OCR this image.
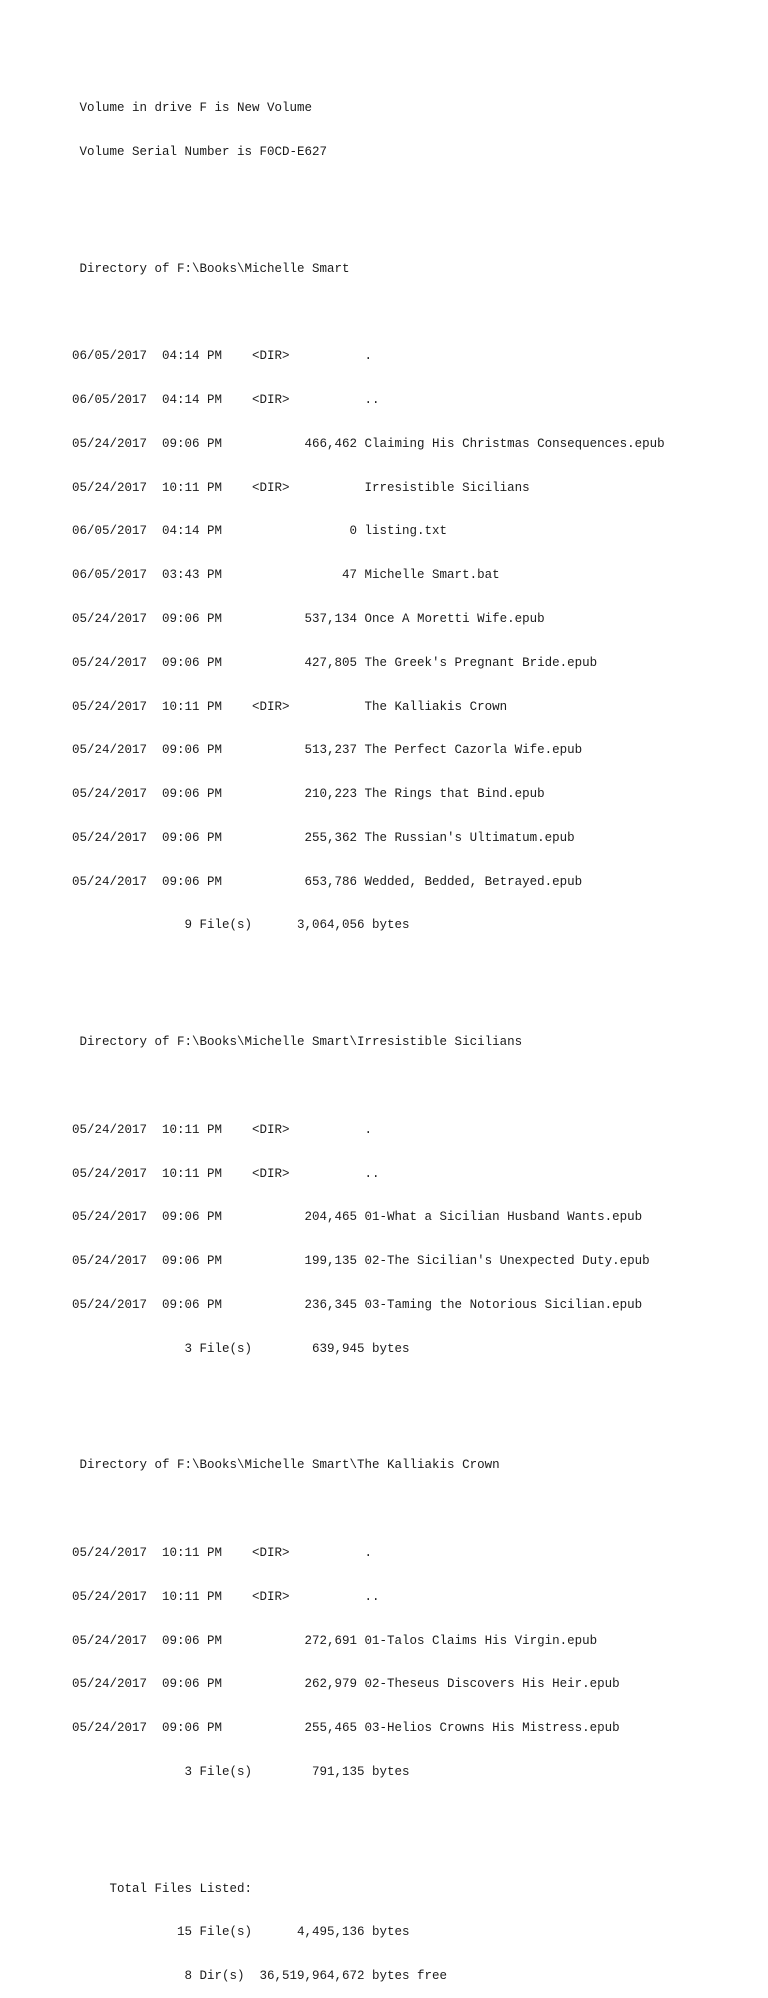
Volume in drive F is New Volume

Volume Serial Number is F0CD-E627

Directory of F:\Books\Michelle Smart

06/05/2017  04:14 PM    <DIR>          .

06/05/2017  04:14 PM    <DIR>          ..

05/24/2017  09:06 PM           466,462 Claiming His Christmas Consequences.epub

05/24/2017  10:11 PM    <DIR>          Irresistible Sicilians

06/05/2017  04:14 PM                 0 listing.txt

06/05/2017  03:43 PM                47 Michelle Smart.bat

05/24/2017  09:06 PM           537,134 Once A Moretti Wife.epub

05/24/2017  09:06 PM           427,805 The Greek's Pregnant Bride.epub

05/24/2017  10:11 PM    <DIR>          The Kalliakis Crown

05/24/2017  09:06 PM           513,237 The Perfect Cazorla Wife.epub

05/24/2017  09:06 PM           210,223 The Rings that Bind.epub

05/24/2017  09:06 PM           255,362 The Russian's Ultimatum.epub

05/24/2017  09:06 PM           653,786 Wedded, Bedded, Betrayed.epub

9 File(s)      3,064,056 bytes

Directory of F:\Books\Michelle Smart\Irresistible Sicilians

05/24/2017  10:11 PM    <DIR>          .

05/24/2017  10:11 PM    <DIR>          ..

05/24/2017  09:06 PM           204,465 01-What a Sicilian Husband Wants.epub

05/24/2017  09:06 PM           199,135 02-The Sicilian's Unexpected Duty.epub

05/24/2017  09:06 PM           236,345 03-Taming the Notorious Sicilian.epub

3 File(s)        639,945 bytes

Directory of F:\Books\Michelle Smart\The Kalliakis Crown

05/24/2017  10:11 PM    <DIR>          .

05/24/2017  10:11 PM    <DIR>          ..

05/24/2017  09:06 PM           272,691 01-Talos Claims His Virgin.epub

05/24/2017  09:06 PM           262,979 02-Theseus Discovers His Heir.epub

05/24/2017  09:06 PM           255,465 03-Helios Crowns His Mistress.epub

3 File(s)        791,135 bytes

Total Files Listed:

15 File(s)      4,495,136 bytes

8 Dir(s)  36,519,964,672 bytes free
